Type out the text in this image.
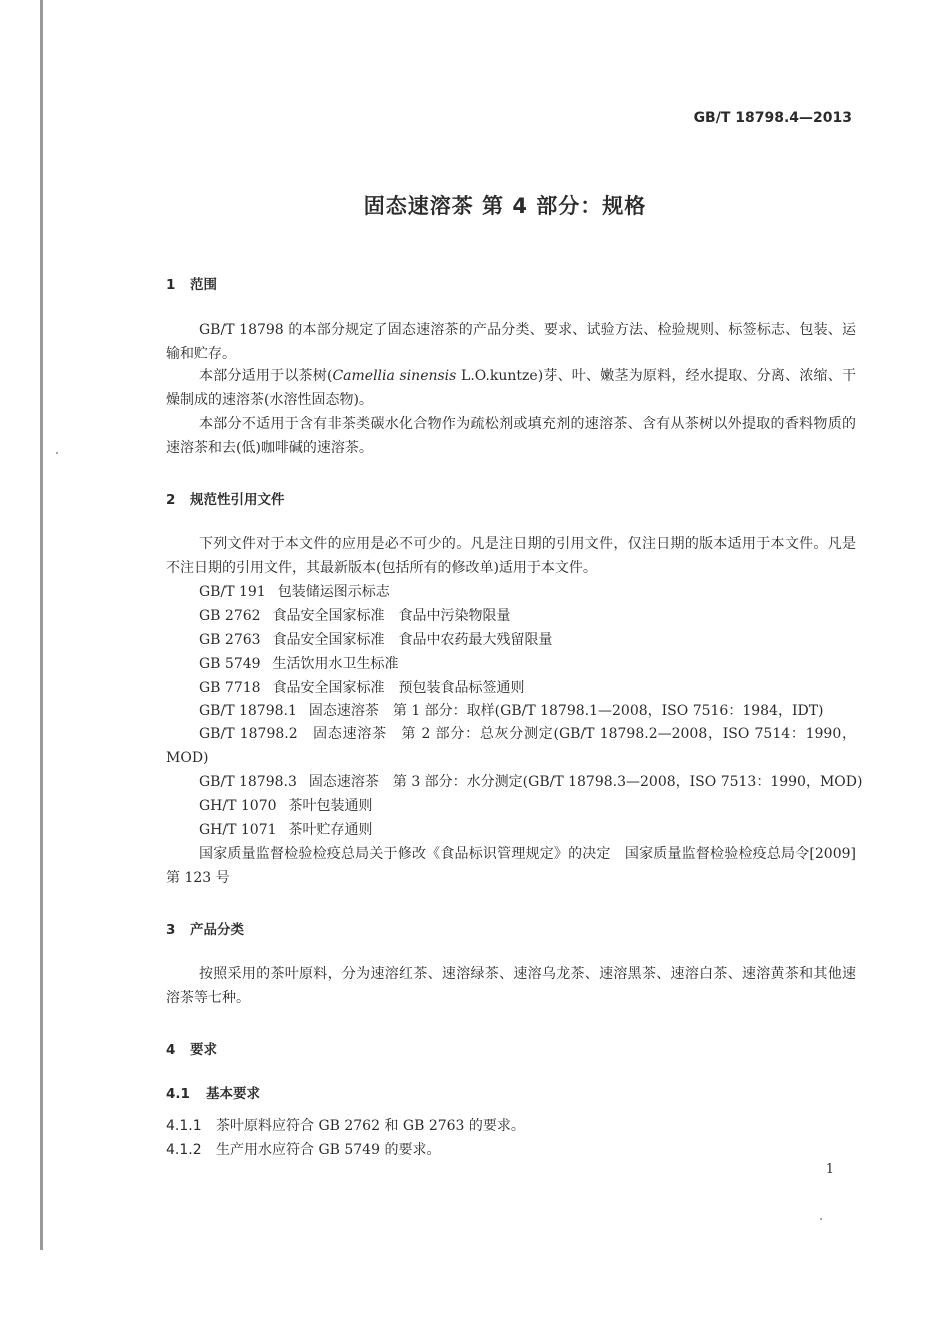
GB/T 18798.4—2013
固态速溶茶 第 4 部分：规格
1 范围
GB/T 18798 的本部分规定了固态速溶茶的产品分类、要求、试验方法、检验规则、标签标志、包装、运输和贮存。
本部分适用于以茶树(Camellia sinensis L.O.kuntze)芽、叶、嫩茎为原料，经水提取、分离、浓缩、干燥制成的速溶茶(水溶性固态物)。
本部分不适用于含有非茶类碳水化合物作为疏松剂或填充剂的速溶茶、含有从茶树以外提取的香料物质的速溶茶和去(低)咖啡碱的速溶茶。
2 规范性引用文件
下列文件对于本文件的应用是必不可少的。凡是注日期的引用文件，仅注日期的版本适用于本文件。凡是不注日期的引用文件，其最新版本(包括所有的修改单)适用于本文件。
GB/T 191 包装储运图示标志
GB 2762 食品安全国家标准　食品中污染物限量
GB 2763 食品安全国家标准　食品中农药最大残留限量
GB 5749 生活饮用水卫生标准
GB 7718 食品安全国家标准　预包装食品标签通则
GB/T 18798.1 固态速溶茶　第 1 部分：取样(GB/T 18798.1—2008，ISO 7516：1984，IDT)
GB/T 18798.2　固态速溶茶　第 2 部分：总灰分测定(GB/T 18798.2—2008，ISO 7514：1990，MOD)
GB/T 18798.3 固态速溶茶　第 3 部分：水分测定(GB/T 18798.3—2008，ISO 7513：1990，MOD)
GH/T 1070 茶叶包装通则
GH/T 1071 茶叶贮存通则
国家质量监督检验检疫总局关于修改《食品标识管理规定》的决定　国家质量监督检验检疫总局令[2009]第 123 号
3 产品分类
按照采用的茶叶原料，分为速溶红茶、速溶绿茶、速溶乌龙茶、速溶黑茶、速溶白茶、速溶黄茶和其他速溶茶等七种。
4 要求
4.1 基本要求
4.1.1 茶叶原料应符合 GB 2762 和 GB 2763 的要求。
4.1.2 生产用水应符合 GB 5749 的要求。
1
